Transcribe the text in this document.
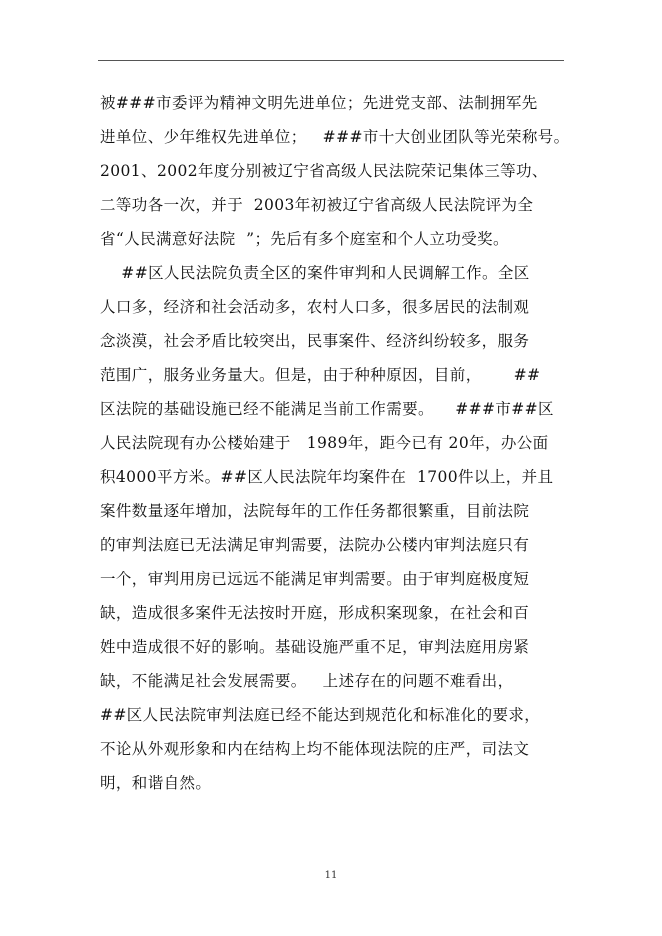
被###市委评为精神文明先进单位；先进党支部、法制拥军先
进单位、少年维权先进单位；   ###市十大创业团队等光荣称号。
2001、2002年度分别被辽宁省高级人民法院荣记集体三等功、
二等功各一次，并于  2003年初被辽宁省高级人民法院评为全
省“人民满意好法院  ”；先后有多个庭室和个人立功受奖。
##区人民法院负责全区的案件审判和人民调解工作。全区
人口多，经济和社会活动多，农村人口多，很多居民的法制观
念淡漠，社会矛盾比较突出，民事案件、经济纠纷较多，服务
范围广，服务业务量大。但是，由于种种原因，目前，      ##
区法院的基础设施已经不能满足当前工作需要。    ###市##区
人民法院现有办公楼始建于   1989年，距今已有 20年，办公面
积4000平方米。##区人民法院年均案件在  1700件以上，并且
案件数量逐年增加，法院每年的工作任务都很繁重，目前法院
的审判法庭已无法满足审判需要，法院办公楼内审判法庭只有
一个，审判用房已远远不能满足审判需要。由于审判庭极度短
缺，造成很多案件无法按时开庭，形成积案现象，在社会和百
姓中造成很不好的影响。基础设施严重不足，审判法庭用房紧
缺，不能满足社会发展需要。   上述存在的问题不难看出，
##区人民法院审判法庭已经不能达到规范化和标准化的要求，
不论从外观形象和内在结构上均不能体现法院的庄严，司法文
明，和谐自然。
11
